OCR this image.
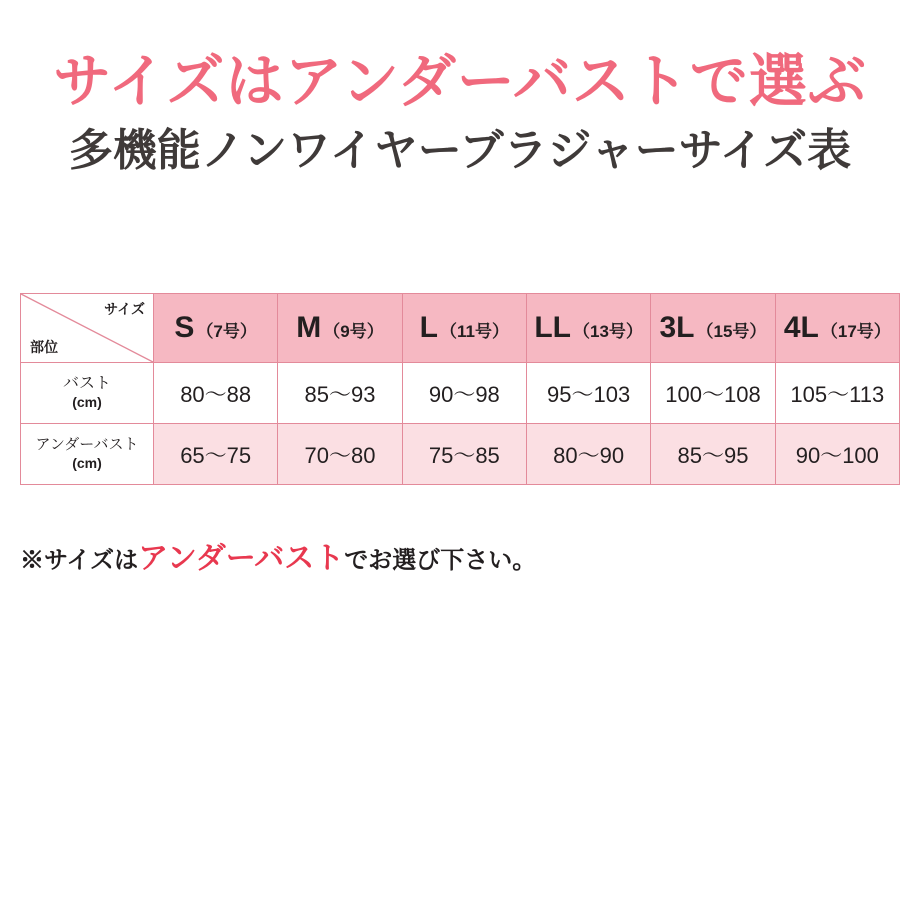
サイズはアンダーバストで選ぶ
多機能ノンワイヤーブラジャーサイズ表
サイズ
部位	S （7号）	M （9号）	L （11号）	LL （13号）	3L （15号）	4L （17号）
バスト
(cm)	80〜88	85〜93	90〜98	95〜103	100〜108	105〜113
アンダーバスト
(cm)	65〜75	70〜80	75〜85	80〜90	85〜95	90〜100
※サイズはアンダーバストでお選び下さい。
